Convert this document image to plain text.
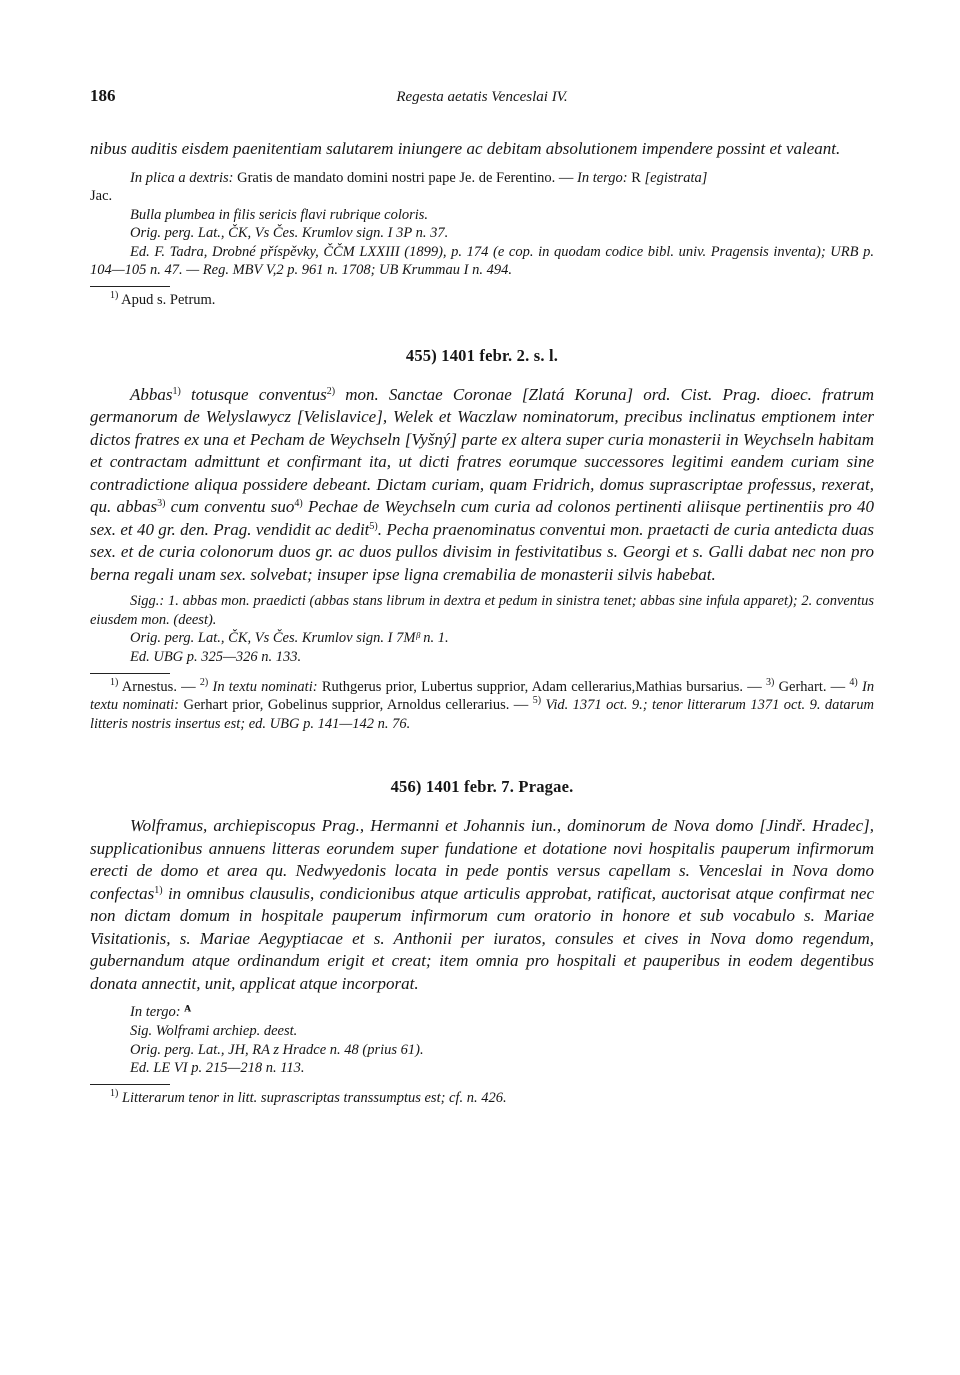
186	Regesta aetatis Venceslai IV.

nibus auditis eisdem paenitentiam salutarem iniungere ac debitam absolutionem impendere possint et valeant.

In plica a dextris: Gratis de mandato domini nostri pape Je. de Ferentino. — In tergo: R [egistrata]

Jac.

Bulla plumbea in filis sericis flavi rubrique coloris.

Orig. perg. Lat., ČK, Vs Čes. Krumlov sign. I 3P n. 37.

Ed. F. Tadra, Drobné příspěvky, ČČM LXXIII (1899), p. 174 (e cop. in quodam codice bibl. univ. Pragensis inventa); URB p. 104—105 n. 47. — Reg. MBV V,2 p. 961 n. 1708; UB Krummau I n. 494.

$^{1)}$ Apud s. Petrum.

455) 1401 febr. 2. s. l.

Abbas$^{1)}$ totusque conventus$^{2)}$ mon. Sanctae Coronae [Zlatá Koruna] ord. Cist. Prag. dioec. fratrum germanorum de Welyslawycz [Velislavice], Welek et Waczlaw nominatorum, precibus inclinatus emptionem inter dictos fratres ex una et Pecham de Weychseln [Vyšný] parte ex altera super curia monasterii in Weychseln habitam et contractam admittunt et confirmant ita, ut dicti fratres eorumque successores legitimi eandem curiam sine contradictione aliqua possidere debeant. Dictam curiam, quam Fridrich, domus suprascriptae professus, rexerat, qu. abbas$^{3)}$ cum conventu suo$^{4)}$ Pechae de Weychseln cum curia ad colonos pertinenti aliisque pertinentiis pro 40 sex. et 40 gr. den. Prag. vendidit ac dedit$^{5)}$. Pecha praenominatus conventui mon. praetacti de curia antedicta duas sex. et de curia colonorum duos gr. ac duos pullos divisim in festivitatibus s. Georgi et s. Galli dabat nec non pro berna regali unam sex. solvebat; insuper ipse ligna cremabilia de monasterii silvis habebat.

Sigg.: 1. abbas mon. praedicti (abbas stans librum in dextra et pedum in sinistra tenet; abbas sine infula apparet); 2. conventus eiusdem mon. (deest).

Orig. perg. Lat., ČK, Vs Čes. Krumlov sign. I 7Mᵝ n. 1.

Ed. UBG p. 325—326 n. 133.

$^{1)}$ Arnestus. — $^{2)}$ In textu nominati: Ruthgerus prior, Lubertus supprior, Adam cellerarius,Mathias bursarius. — $^{3)}$ Gerhart. — $^{4)}$ In textu nominati: Gerhart prior, Gobelinus supprior, Arnoldus cellerarius. — $^{5)}$ Vid. 1371 oct. 9.; tenor litterarum 1371 oct. 9. datarum litteris nostris insertus est; ed. UBG p. 141—142 n. 76.

456) 1401 febr. 7. Pragae.

Wolframus, archiepiscopus Prag., Hermanni et Johannis iun., dominorum de Nova domo [Jindř. Hradec], supplicationibus annuens litteras eorundem super fundatione et dotatione novi hospitalis pauperum infirmorum erecti de domo et area qu. Nedwyedonis locata in pede pontis versus capellam s. Venceslai in Nova domo confectas$^{1)}$ in omnibus clausulis, condicionibus atque articulis approbat, ratificat, auctorisat atque confirmat nec non dictam domum in hospitale pauperum infirmorum cum oratorio in honore et sub vocabulo s. Mariae Visitationis, s. Mariae Aegyptiacae et s. Anthonii per iuratos, consules et cives in Nova domo regendum, gubernandum atque ordinandum erigit et creat; item omnia pro hospitali et pauperibus in eodem degentibus donata annectit, unit, applicat atque incorporat.

In tergo: ᴬ

Sig. Wolframi archiep. deest.

Orig. perg. Lat., JH, RA z Hradce n. 48 (prius 61).

Ed. LE VI p. 215—218 n. 113.

$^{1)}$ Litterarum tenor in litt. suprascriptas transsumptus est; cf. n. 426.
